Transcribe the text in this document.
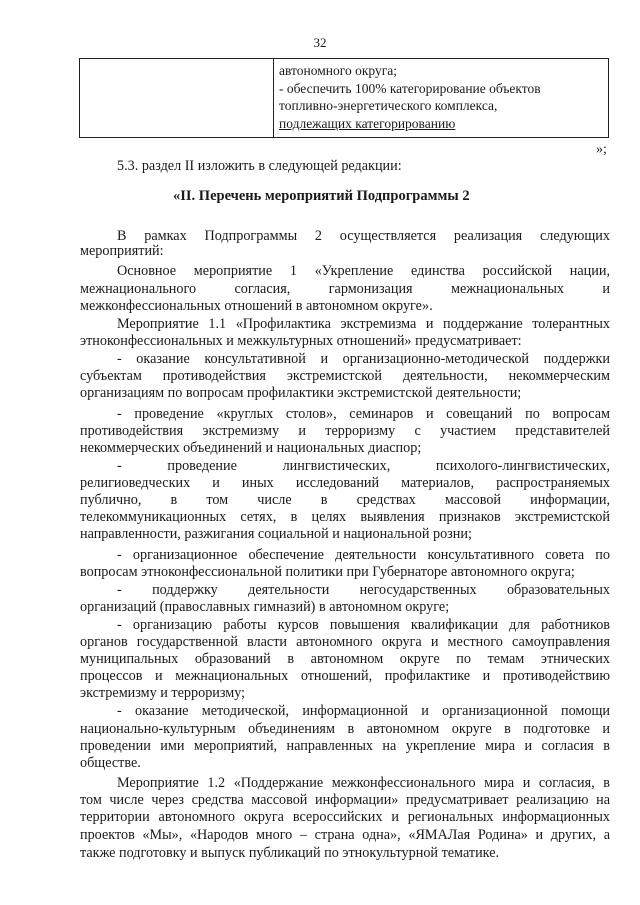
32
автономного округа;
- обеспечить 100% категорирование объектов
топливно-энергетического комплекса,
подлежащих категорированию
»;
5.3. раздел II изложить в следующей редакции:
«II. Перечень мероприятий Подпрограммы 2
В рамках Подпрограммы 2 осуществляется реализация следующих
мероприятий:
Основное мероприятие 1 «Укрепление единства российской нации,
межнационального согласия, гармонизация межнациональных и
межконфессиональных отношений в автономном округе».
Мероприятие 1.1 «Профилактика экстремизма и поддержание толерантных
этноконфессиональных и межкультурных отношений» предусматривает:
- оказание консультативной и организационно-методической поддержки
субъектам противодействия экстремистской деятельности, некоммерческим
организациям по вопросам профилактики экстремистской деятельности;
- проведение «круглых столов», семинаров и совещаний по вопросам
противодействия экстремизму и терроризму с участием представителей
некоммерческих объединений и национальных диаспор;
- проведение лингвистических, психолого-лингвистических,
религиоведческих и иных исследований материалов, распространяемых
публично, в том числе в средствах массовой информации,
телекоммуникационных сетях, в целях выявления признаков экстремистской
направленности, разжигания социальной и национальной розни;
- организационное обеспечение деятельности консультативного совета по
вопросам этноконфессиональной политики при Губернаторе автономного округа;
- поддержку деятельности негосударственных образовательных
организаций (православных гимназий) в автономном округе;
- организацию работы курсов повышения квалификации для работников
органов государственной власти автономного округа и местного самоуправления
муниципальных образований в автономном округе по темам этнических
процессов и межнациональных отношений, профилактике и противодействию
экстремизму и терроризму;
- оказание методической, информационной и организационной помощи
национально-культурным объединениям в автономном округе в подготовке и
проведении ими мероприятий, направленных на укрепление мира и согласия в
обществе.
Мероприятие 1.2 «Поддержание межконфессионального мира и согласия, в
том числе через средства массовой информации» предусматривает реализацию на
территории автономного округа всероссийских и региональных информационных
проектов «Мы», «Народов много – страна одна», «ЯМАЛая Родина» и других, а
также подготовку и выпуск публикаций по этнокультурной тематике.
